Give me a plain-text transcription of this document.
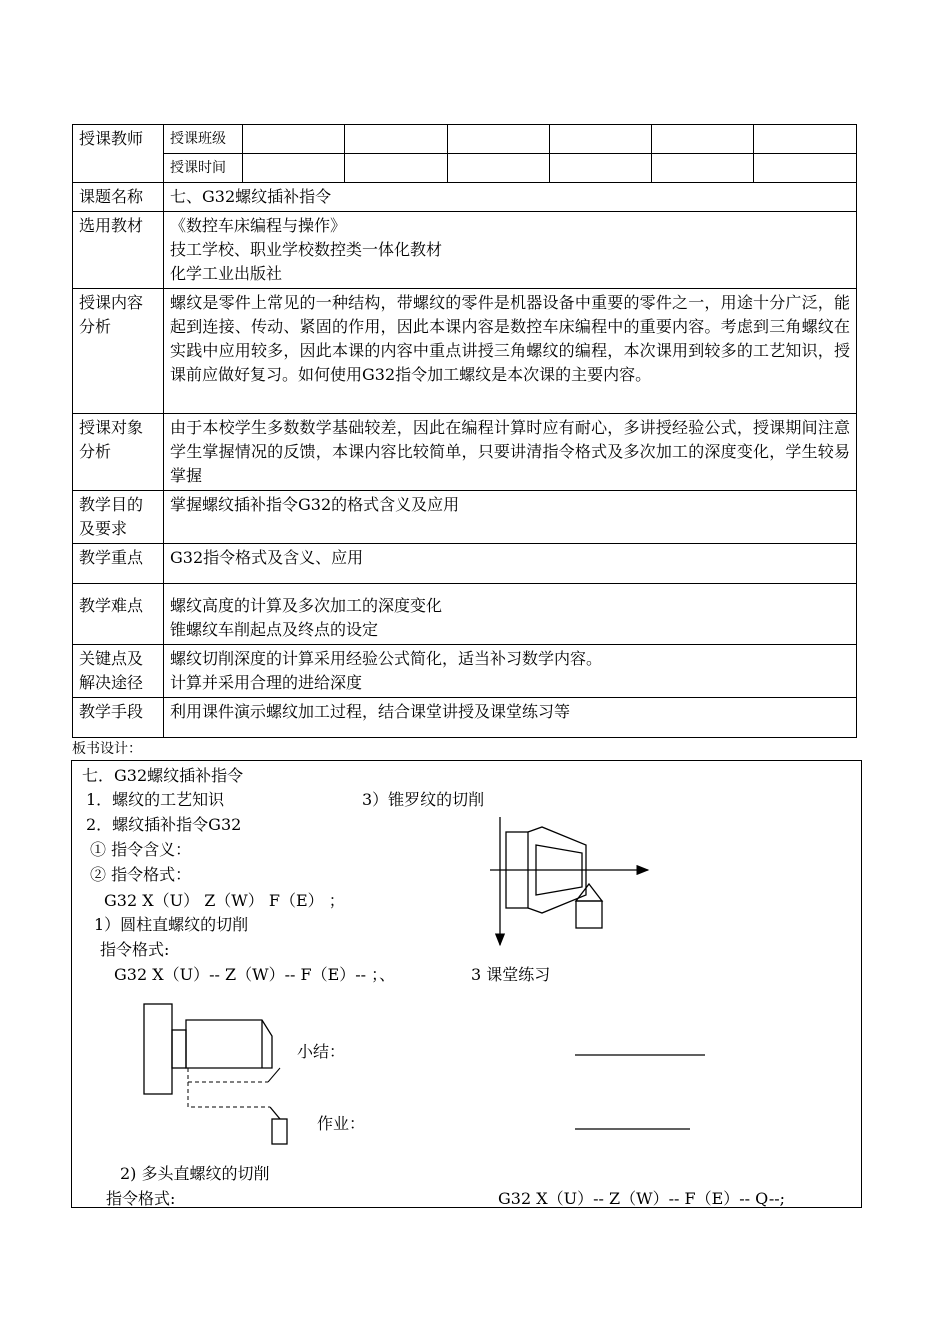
授课教师	授课班级						
	授课时间						
课题名称	七、G32螺纹插补指令						
选用教材	《数控车床编程与操作》
技工学校、职业学校数控类一体化教材
化学工业出版社						

授课内容分析	螺纹是零件上常见的一种结构，带螺纹的零件是机器设备中重要的零件之一，用途十分广泛，能起到连接、传动、紧固的作用，因此本课内容是数控车床编程中的重要内容。考虑到三角螺纹在实践中应用较多，因此本课的内容中重点讲授三角螺纹的编程，本次课用到较多的工艺知识，授课前应做好复习。如何使用G32指令加工螺纹是本次课的主要内容。						
授课对象分析	由于本校学生多数数学基础较差，因此在编程计算时应有耐心，多讲授经验公式，授课期间注意学生掌握情况的反馈，本课内容比较简单，只要讲清指令格式及多次加工的深度变化，学生较易掌握						
教学目的及要求	掌握螺纹插补指令G32的格式含义及应用						
教学重点	G32指令格式及含义、应用						
教学难点	螺纹高度的计算及多次加工的深度变化
锥螺纹车削起点及终点的设定						

关键点及解决途径	螺纹切削深度的计算采用经验公式简化，适当补习数学内容。
计算并采用合理的进给深度						

教学手段	利用课件演示螺纹加工过程，结合课堂讲授及课堂练习等						
板书设计：
七．G32螺纹插补指令
1．螺纹的工艺知识	3）锥罗纹的切削
2．螺纹插补指令G32
① 指令含义：
② 指令格式：
G32 X（U） Z（W） F（E） ；
1）圆柱直螺纹的切削
指令格式:
G32 X（U）-- Z（W）-- F（E）-- ；、	3 课堂练习
小结：
作业：
2) 多头直螺纹的切削
指令格式:	G32 X（U）-- Z（W）-- F（E）-- Q--;
